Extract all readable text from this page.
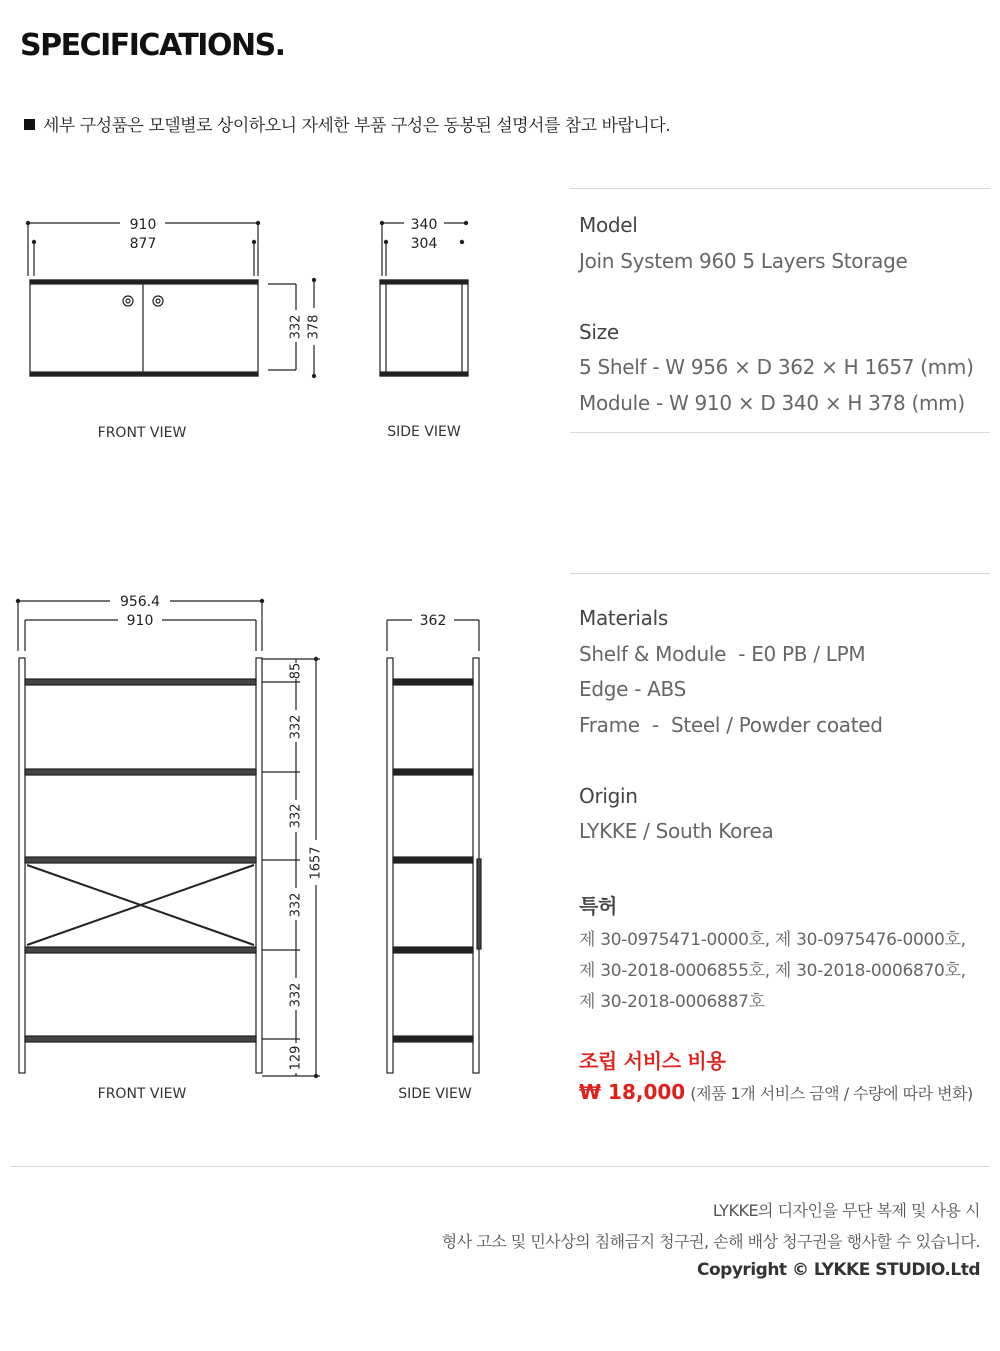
SPECIFICATIONS.
세부 구성품은 모델별로 상이하오니 자세한 부품 구성은 동봉된 설명서를 참고 바랍니다.
910
877
332 378
340
304
FRONT VIEW	SIDE VIEW
956.4
910
85
332
332
332
332
129
1657
362
FRONT VIEW	SIDE VIEW
Model
Join System 960 5 Layers Storage
Size
5 Shelf - W 956 × D 362 × H 1657 (mm)
Module - W 910 × D 340 × H 378 (mm)
Materials
Shelf & Module  - E0 PB / LPM
Edge - ABS
Frame  -  Steel / Powder coated
Origin
LYKKE / South Korea
특허
제 30-0975471-0000호, 제 30-0975476-0000호,
제 30-2018-0006855호, 제 30-2018-0006870호,
제 30-2018-0006887호
조립 서비스 비용
₩ 18,000 (제품 1개 서비스 금액 / 수량에 따라 변화)
LYKKE의 디자인을 무단 복제 및 사용 시
형사 고소 및 민사상의 침해금지 청구권, 손해 배상 청구권을 행사할 수 있습니다.
Copyright © LYKKE STUDIO.Ltd
